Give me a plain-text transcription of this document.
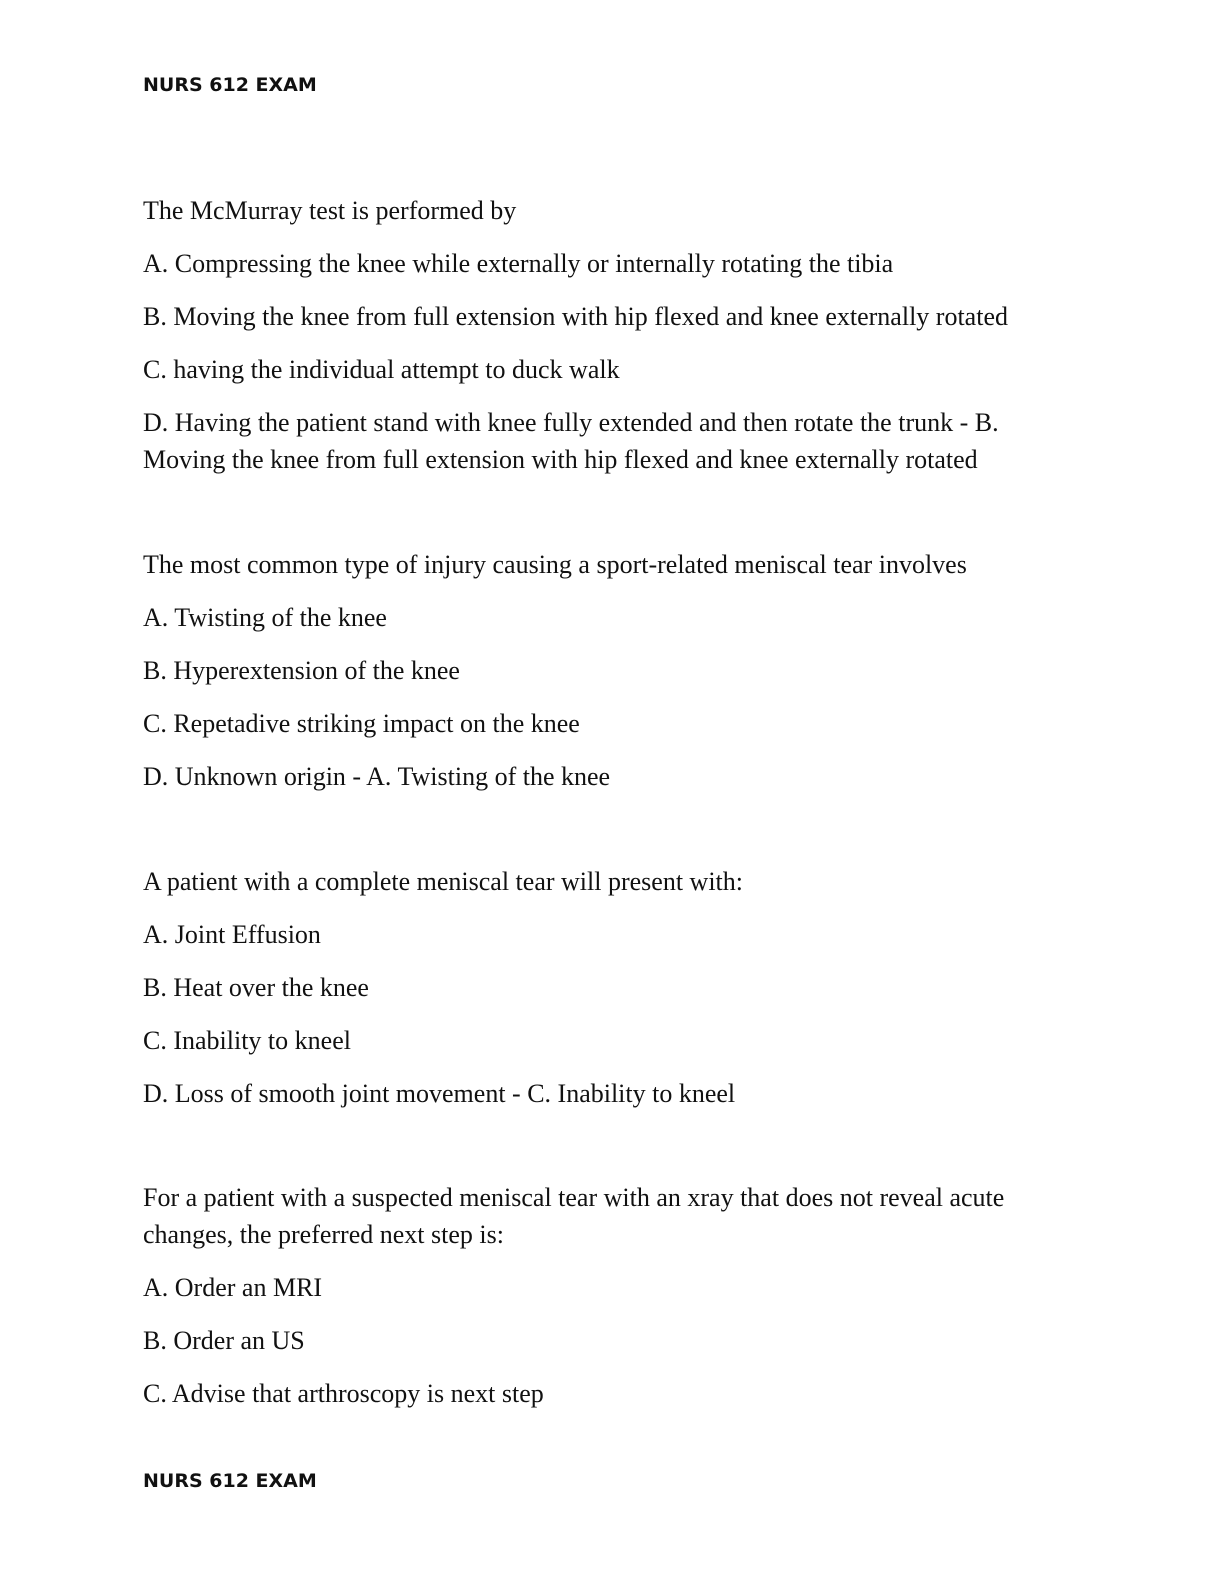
NURS 612 EXAM

The McMurray test is performed by

A. Compressing the knee while externally or internally rotating the tibia

B. Moving the knee from full extension with hip flexed and knee externally rotated

C. having the individual attempt to duck walk

D. Having the patient stand with knee fully extended and then rotate the trunk - B.

Moving the knee from full extension with hip flexed and knee externally rotated

The most common type of injury causing a sport-related meniscal tear involves

A. Twisting of the knee

B. Hyperextension of the knee

C. Repetadive striking impact on the knee

D. Unknown origin - A. Twisting of the knee

A patient with a complete meniscal tear will present with:

A. Joint Effusion

B. Heat over the knee

C. Inability to kneel

D. Loss of smooth joint movement - C. Inability to kneel

For a patient with a suspected meniscal tear with an xray that does not reveal acute

changes, the preferred next step is:

A. Order an MRI

B. Order an US

C. Advise that arthroscopy is next step

NURS 612 EXAM
